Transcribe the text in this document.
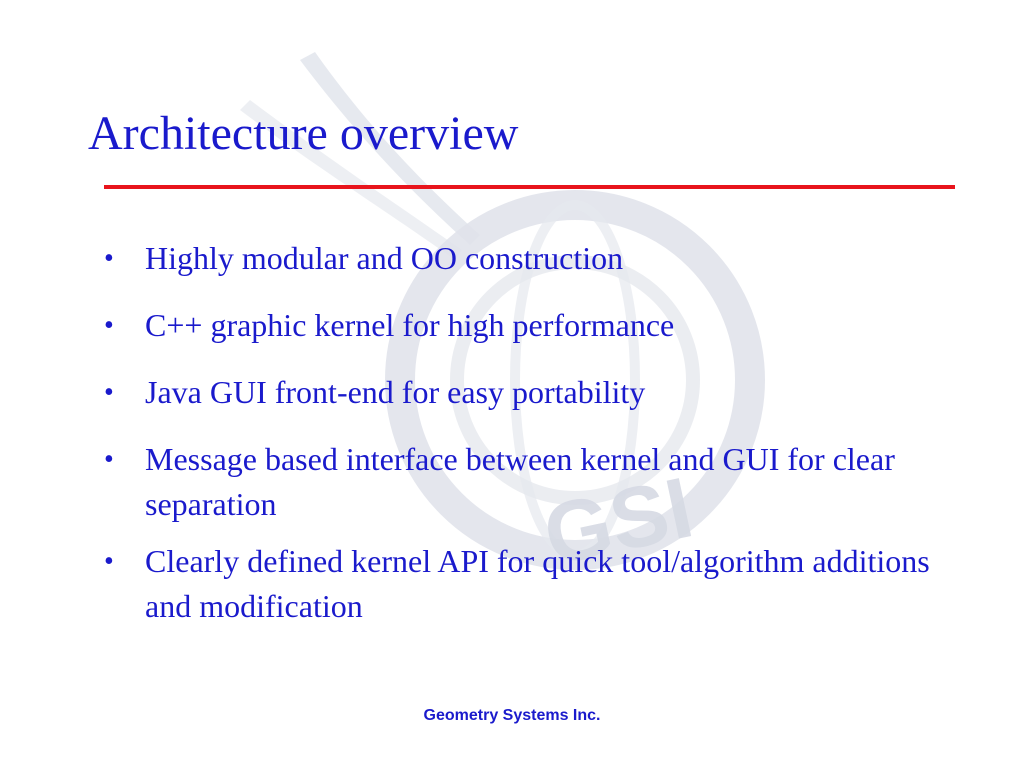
GSI
Architecture overview
• Highly modular and OO construction
• C++ graphic kernel for high performance
• Java GUI front-end for easy portability
• Message based interface between kernel and GUI for clear separation
• Clearly defined kernel API for quick tool/algorithm additions and modification
Geometry Systems Inc.
